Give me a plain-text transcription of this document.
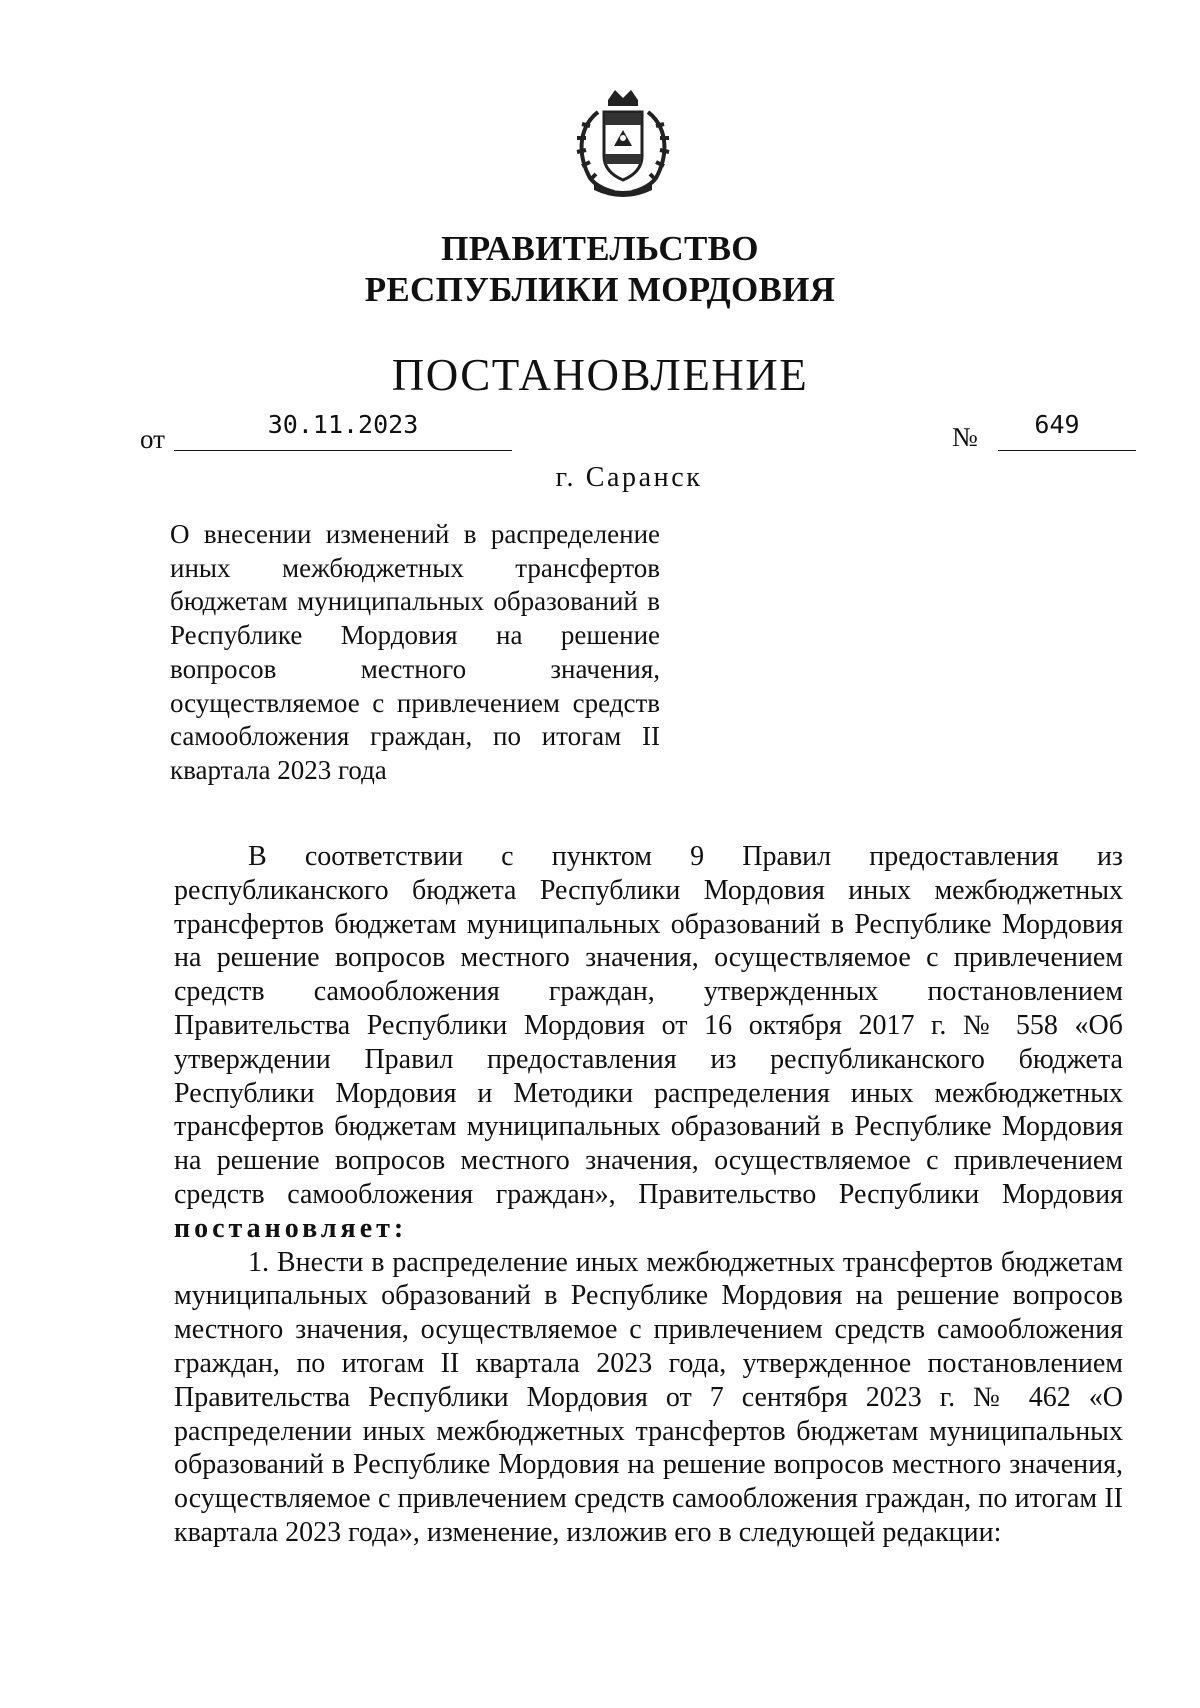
ПРАВИТЕЛЬСТВО
РЕСПУБЛИКИ МОРДОВИЯ
ПОСТАНОВЛЕНИЕ
от	30.11.2023	№	649
г. Саранск
О внесении изменений в распределение иных межбюджетных трансфертов бюджетам муниципальных образований в Республике Мордовия на решение вопросов местного значения, осуществляемое с привлечением средств самообложения граждан, по итогам II квартала 2023 года

В соответствии с пунктом 9 Правил предоставления из республиканского бюджета Республики Мордовия иных межбюджетных трансфертов бюджетам муниципальных образований в Республике Мордовия на решение вопросов местного значения, осуществляемое с привлечением средств самообложения граждан, утвержденных постановлением Правительства Республики Мордовия от 16 октября 2017 г. № 558 «Об утверждении Правил предоставления из республиканского бюджета Республики Мордовия и Методики распределения иных межбюджетных трансфертов бюджетам муниципальных образований в Республике Мордовия на решение вопросов местного значения, осуществляемое с привлечением средств самообложения граждан», Правительство Республики Мордовия постановляет:

1. Внести в распределение иных межбюджетных трансфертов бюджетам муниципальных образований в Республике Мордовия на решение вопросов местного значения, осуществляемое с привлечением средств самообложения граждан, по итогам II квартала 2023 года, утвержденное постановлением Правительства Республики Мордовия от 7 сентября 2023 г. № 462 «О распределении иных межбюджетных трансфертов бюджетам муниципальных образований в Республике Мордовия на решение вопросов местного значения, осуществляемое с привлечением средств самообложения граждан, по итогам II квартала 2023 года», изменение, изложив его в следующей редакции:
